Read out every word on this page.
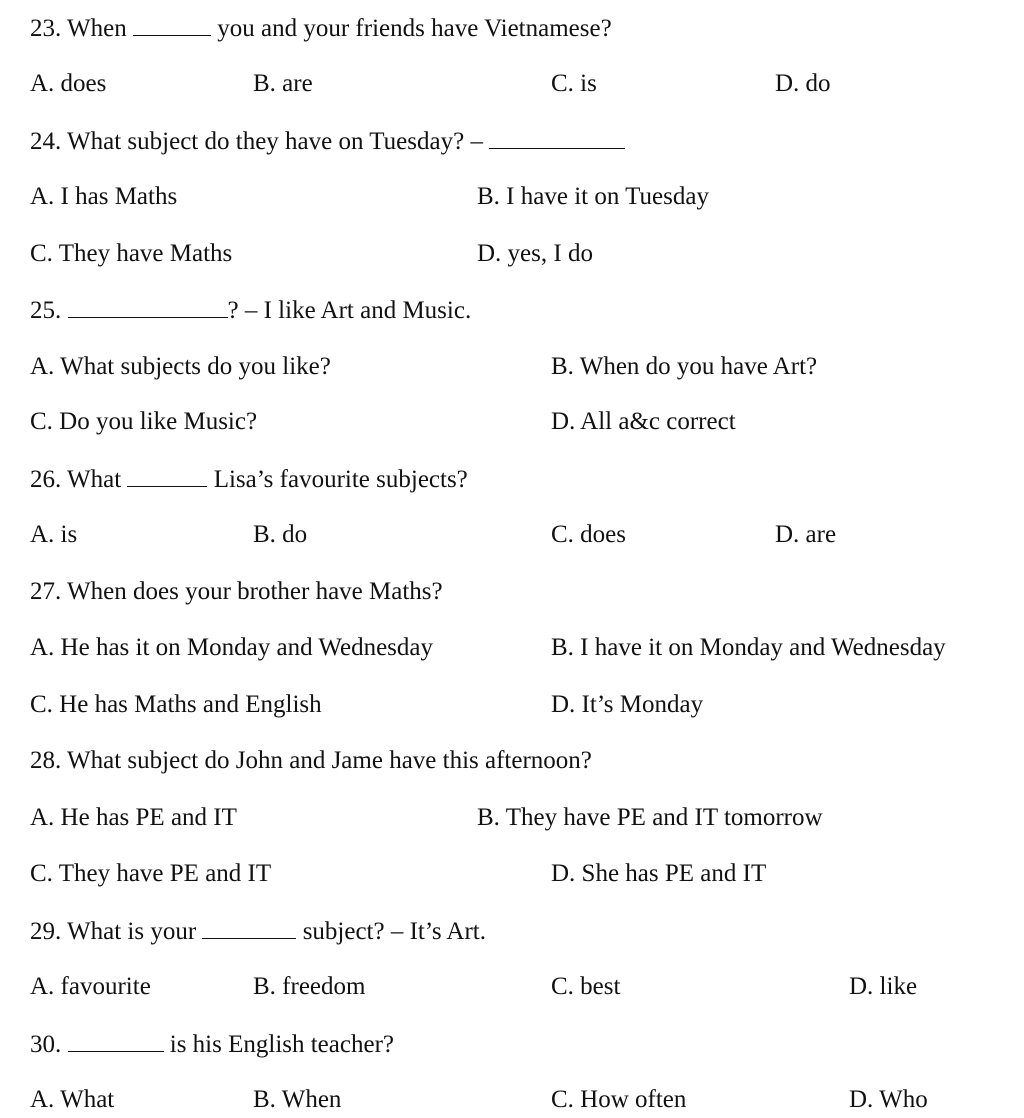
23. When	you and your friends have Vietnamese?
A. does	B. are	C. is	D. do
24. What subject do they have on Tuesday? –
A. I has Maths	B. I have it on Tuesday
C. They have Maths	D. yes, I do
25.	? – I like Art and Music.
A. What subjects do you like?	B. When do you have Art?
C. Do you like Music?	D. All a&c correct
26. What	Lisa’s favourite subjects?
A. is	B. do	C. does	D. are
27. When does your brother have Maths?
A. He has it on Monday and Wednesday	B. I have it on Monday and Wednesday
C. He has Maths and English	D. It’s Monday
28. What subject do John and Jame have this afternoon?
A. He has PE and IT	B. They have PE and IT tomorrow
C. They have PE and IT	D. She has PE and IT
29. What is your	subject? – It’s Art.
A. favourite	B. freedom	C. best	D. like
30.	is his English teacher?
A. What	B. When	C. How often	D. Who
